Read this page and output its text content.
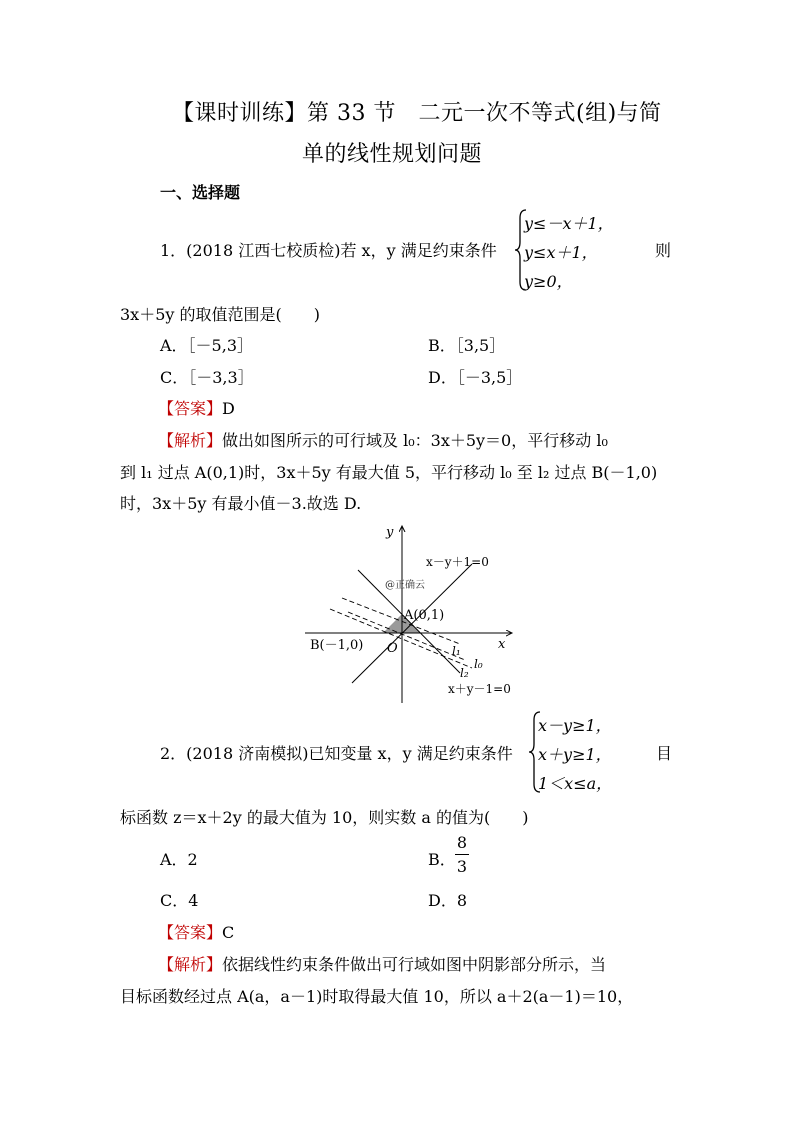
【课时训练】第 33 节　二元一次不等式(组)与简
单的线性规划问题
一、选择题
1．(2018 江西七校质检)若 x，y 满足约束条件
y≤－x＋1，
y≤x＋1，
y≥0，
则
3x＋5y 的取值范围是(　　)
A．［－5,3］	B．［3,5］
C．［－3,3］	D．［－3,5］
【答案】D
【解析】做出如图所示的可行域及 l₀：3x＋5y＝0，平行移动 l₀
到 l₁ 过点 A(0,1)时，3x＋5y 有最大值 5，平行移动 l₀ 至 l₂ 过点 B(－1,0)
时，3x＋5y 有最小值－3.故选 D.
y
x
O
x－y＋1=0
x＋y－1=0
A(0,1)
B(－1,0)
@正确云
l₁
l₀
l₂
2．(2018 济南模拟)已知变量 x，y 满足约束条件
x－y≥1，
x＋y≥1，
1＜x≤a，
目
标函数 z＝x＋2y 的最大值为 10，则实数 a 的值为(　　)
A．2	B．
8
3
C．4	D．8
【答案】C
【解析】依据线性约束条件做出可行域如图中阴影部分所示，当
目标函数经过点 A(a，a－1)时取得最大值 10，所以 a＋2(a－1)＝10，
